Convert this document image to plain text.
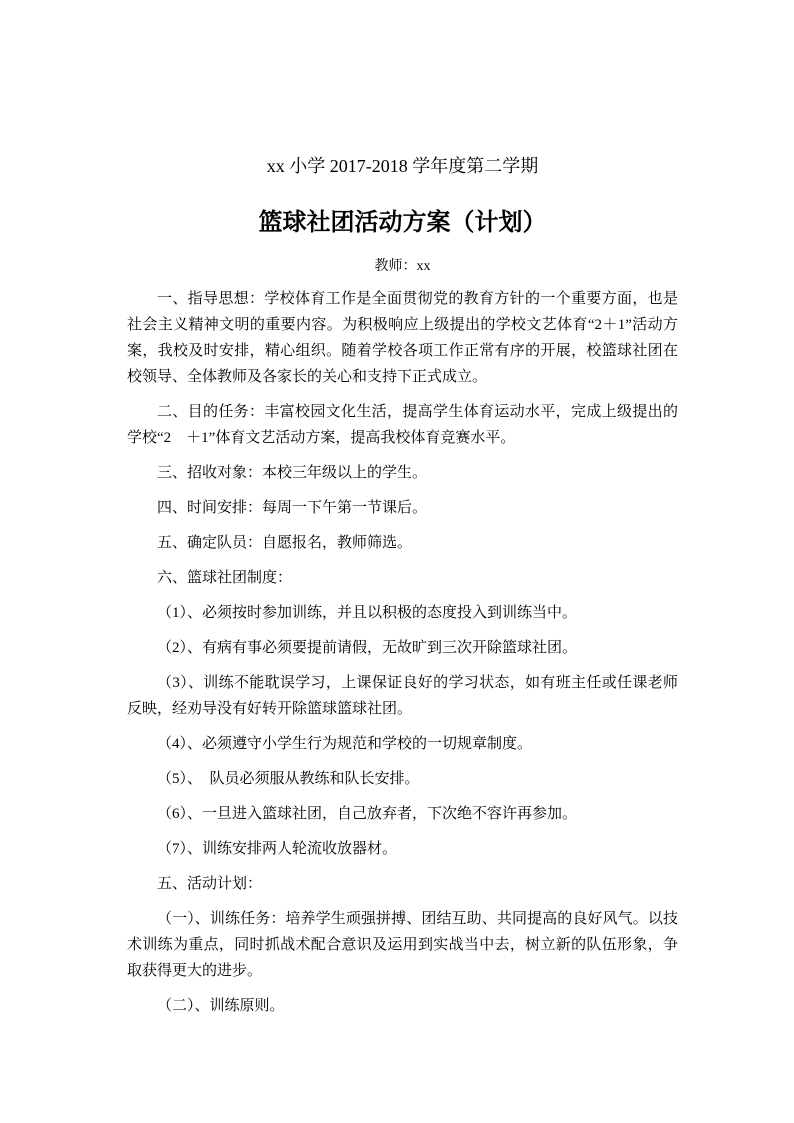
xx 小学 2017-2018 学年度第二学期

篮球社团活动方案（计划）

教师：xx

一、指导思想：学校体育工作是全面贯彻党的教育方针的一个重要方面，也是社会主义精神文明的重要内容。为积极响应上级提出的学校文艺体育“2＋1”活动方案，我校及时安排，精心组织。随着学校各项工作正常有序的开展，校篮球社团在校领导、全体教师及各家长的关心和支持下正式成立。

二、目的任务：丰富校园文化生活，提高学生体育运动水平，完成上级提出的学校“2　＋1”体育文艺活动方案，提高我校体育竞赛水平。

三、招收对象：本校三年级以上的学生。

四、时间安排：每周一下午第一节课后。

五、确定队员：自愿报名，教师筛选。

六、篮球社团制度：

（1）、必须按时参加训练，并且以积极的态度投入到训练当中。

（2）、有病有事必须要提前请假，无故旷到三次开除篮球社团。

（3）、训练不能耽误学习，上课保证良好的学习状态，如有班主任或任课老师反映，经劝导没有好转开除篮球篮球社团。

（4）、必须遵守小学生行为规范和学校的一切规章制度。

（5）、　队员必须服从教练和队长安排。

（6）、一旦进入篮球社团，自己放弃者，下次绝不容许再参加。

（7）、训练安排两人轮流收放器材。

五、活动计划：

（一）、训练任务：培养学生顽强拼搏、团结互助、共同提高的良好风气。以技术训练为重点，同时抓战术配合意识及运用到实战当中去，树立新的队伍形象，争取获得更大的进步。

（二）、训练原则。
